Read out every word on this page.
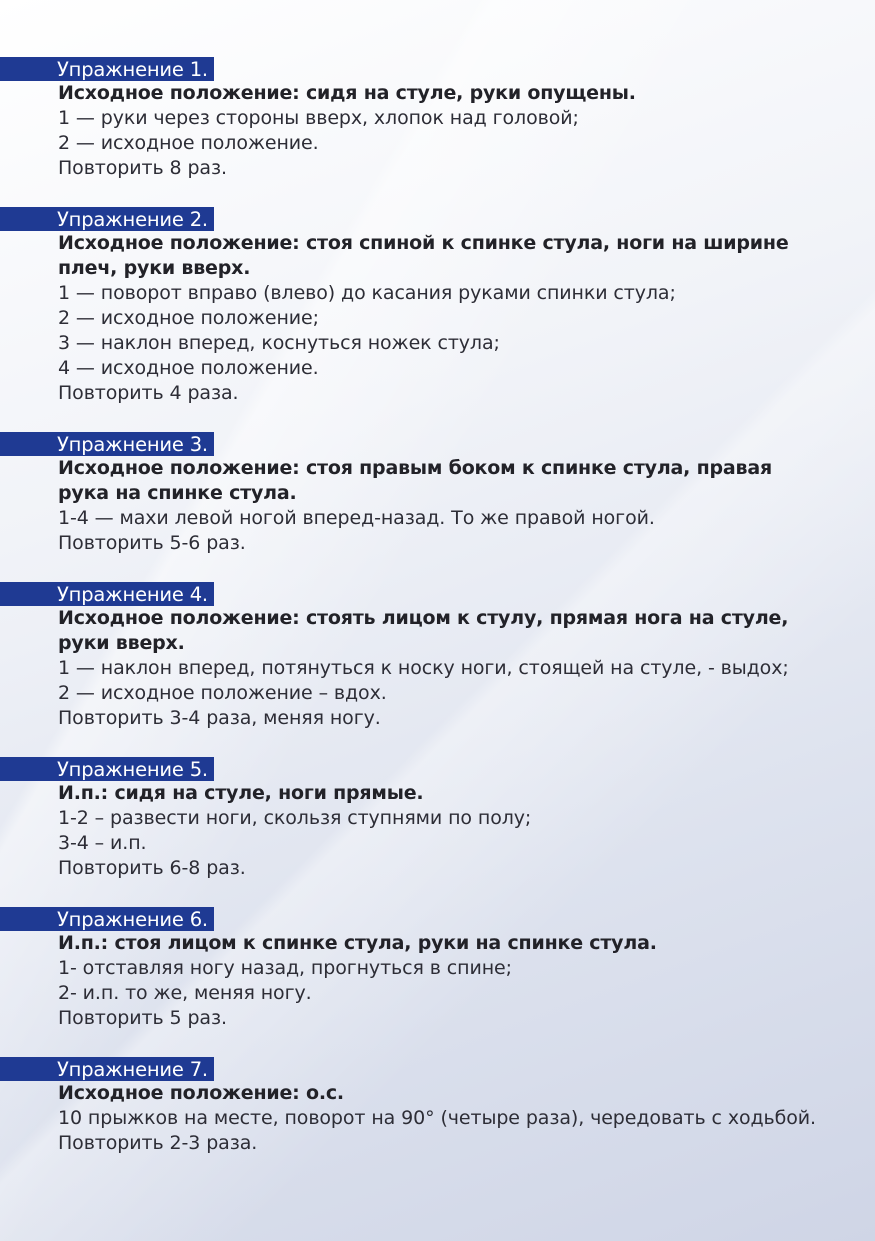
Упражнение 1.

Исходное положение: сидя на стуле, руки опущены.

1 — руки через стороны вверх, хлопок над головой;

2 — исходное положение.

Повторить 8 раз.

Упражнение 2.

Исходное положение: стоя спиной к спинке стула, ноги на ширине плеч, руки вверх.

1 — поворот вправо (влево) до касания руками спинки стула;

2 — исходное положение;

3 — наклон вперед, коснуться ножек стула;

4 — исходное положение.

Повторить 4 раза.

Упражнение 3.

Исходное положение: стоя правым боком к спинке стула, правая рука на спинке стула.

1-4 — махи левой ногой вперед-назад. То же правой ногой.

Повторить 5-6 раз.

Упражнение 4.

Исходное положение: стоять лицом к стулу, прямая нога на стуле, руки вверх.

1 — наклон вперед, потянуться к носку ноги, стоящей на стуле, - выдох;

2 — исходное положение – вдох.

Повторить 3-4 раза, меняя ногу.

Упражнение 5.

И.п.: сидя на стуле, ноги прямые.

1-2 – развести ноги, скользя ступнями по полу;

3-4 – и.п.

Повторить 6-8 раз.

Упражнение 6.

И.п.: стоя лицом к спинке стула, руки на спинке стула.

1- отставляя ногу назад, прогнуться в спине;

2- и.п. то же, меняя ногу.

Повторить 5 раз.

Упражнение 7.

Исходное положение: о.с.

10 прыжков на месте, поворот на 90° (четыре раза), чередовать с ходьбой.

Повторить 2-3 раза.
